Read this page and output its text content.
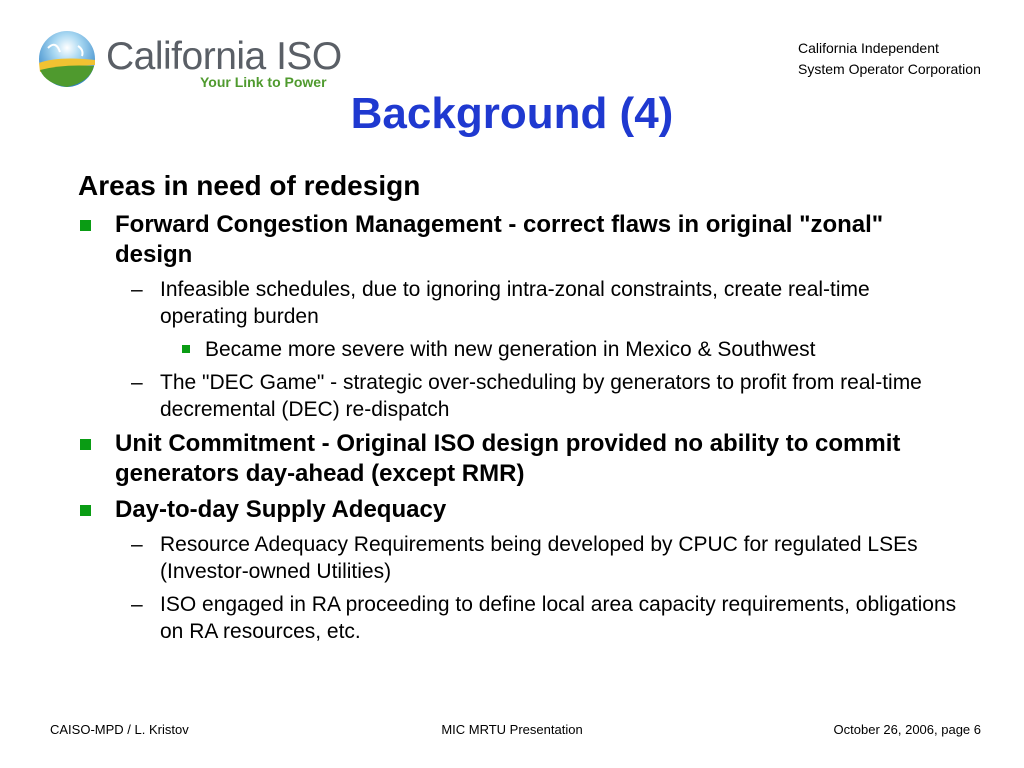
California ISO
Your Link to Power
California Independent
System Operator Corporation
Background (4)
Areas in need of redesign
Forward Congestion Management - correct flaws in original "zonal" design
– Infeasible schedules, due to ignoring intra-zonal constraints, create real-time operating burden
Became more severe with new generation in Mexico & Southwest
– The "DEC Game" - strategic over-scheduling by generators to profit from real-time decremental (DEC) re-dispatch
Unit Commitment - Original ISO design provided no ability to commit generators day-ahead (except RMR)
Day-to-day Supply Adequacy
– Resource Adequacy Requirements being developed by CPUC for regulated LSEs (Investor-owned Utilities)
– ISO engaged in RA proceeding to define local area capacity requirements, obligations on RA resources, etc.
CAISO-MPD / L. Kristov	MIC MRTU Presentation	October 26, 2006, page 6
